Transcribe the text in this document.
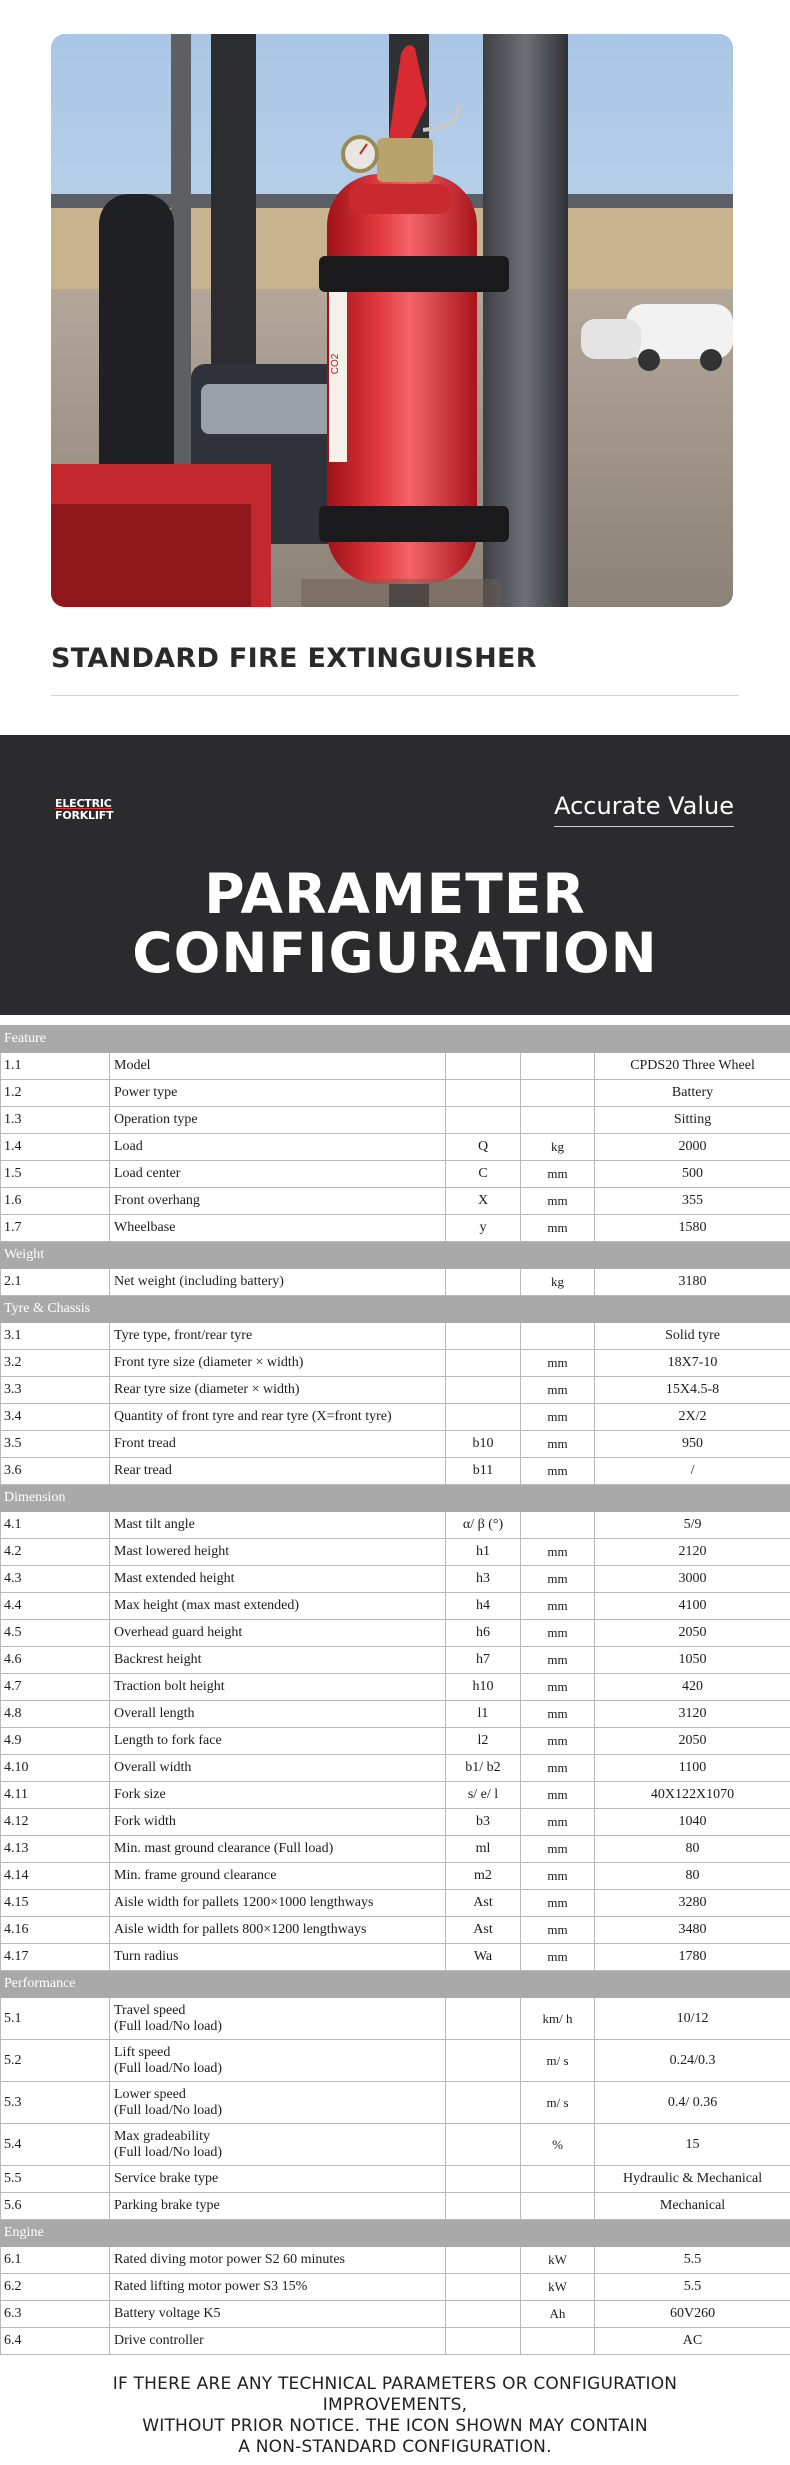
CO2
STANDARD FIRE EXTINGUISHER
ELECTRIC
FORKLIFT	Accurate Value
PARAMETER
CONFIGURATION
Feature				
1.1	Model			CPDS20 Three Wheel
1.2	Power type			Battery
1.3	Operation type			Sitting
1.4	Load	Q	kg	2000
1.5	Load center	C	mm	500
1.6	Front overhang	X	mm	355
1.7	Wheelbase	y	mm	1580
Weight				
2.1	Net weight (including battery)		kg	3180
Tyre & Chassis				
3.1	Tyre type, front/rear tyre			Solid tyre
3.2	Front tyre size (diameter × width)		mm	18X7-10
3.3	Rear tyre size (diameter × width)		mm	15X4.5-8
3.4	Quantity of front tyre and rear tyre (X=front tyre)		mm	2X/2
3.5	Front tread	b10	mm	950
3.6	Rear tread	b11	mm	/
Dimension				
4.1	Mast tilt angle	α/ β (°)		5/9
4.2	Mast lowered height	h1	mm	2120
4.3	Mast extended height	h3	mm	3000
4.4	Max height (max mast extended)	h4	mm	4100
4.5	Overhead guard height	h6	mm	2050
4.6	Backrest height	h7	mm	1050
4.7	Traction bolt height	h10	mm	420
4.8	Overall length	l1	mm	3120
4.9	Length to fork face	l2	mm	2050
4.10	Overall width	b1/ b2	mm	1100
4.11	Fork size	s/ e/ l	mm	40X122X1070
4.12	Fork width	b3	mm	1040
4.13	Min. mast ground clearance (Full load)	ml	mm	80
4.14	Min. frame ground clearance	m2	mm	80
4.15	Aisle width for pallets 1200×1000 lengthways	Ast	mm	3280
4.16	Aisle width for pallets 800×1200 lengthways	Ast	mm	3480
4.17	Turn radius	Wa	mm	1780
Performance				
5.1	Travel speed
(Full load/No load)		km/ h	10/12
5.2	Lift speed
(Full load/No load)		m/ s	0.24/0.3
5.3	Lower speed
(Full load/No load)		m/ s	0.4/ 0.36
5.4	Max gradeability
(Full load/No load)		%	15
5.5	Service brake type			Hydraulic & Mechanical
5.6	Parking brake type			Mechanical
Engine				
6.1	Rated diving motor power S2 60 minutes		kW	5.5
6.2	Rated lifting motor power S3 15%		kW	5.5
6.3	Battery voltage K5		Ah	60V260
6.4	Drive controller			AC
IF THERE ARE ANY TECHNICAL PARAMETERS OR CONFIGURATION IMPROVEMENTS,
WITHOUT PRIOR NOTICE. THE ICON SHOWN MAY CONTAIN
A NON-STANDARD CONFIGURATION.
